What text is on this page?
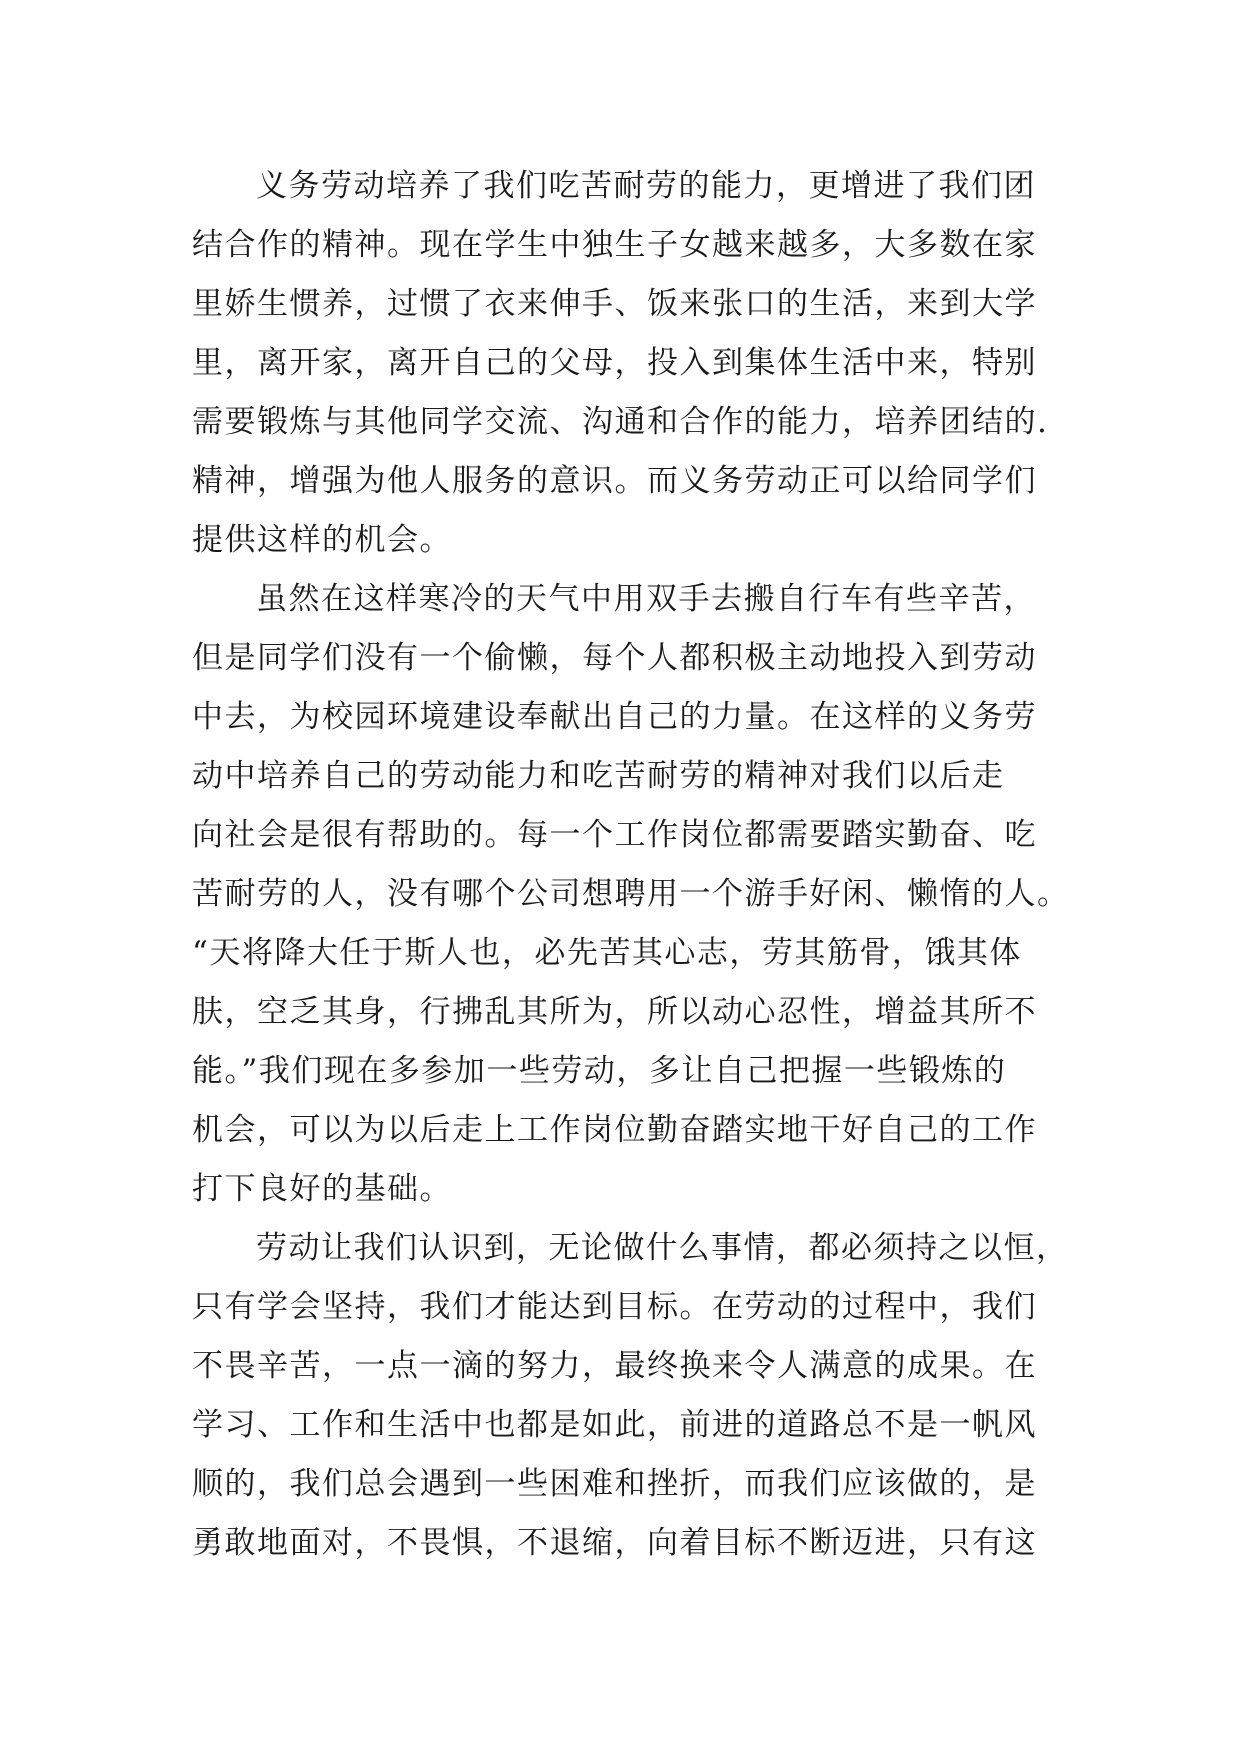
义务劳动培养了我们吃苦耐劳的能力，更增进了我们团
结合作的精神。现在学生中独生子女越来越多，大多数在家
里娇生惯养，过惯了衣来伸手、饭来张口的生活，来到大学
里，离开家，离开自己的父母，投入到集体生活中来，特别
需要锻炼与其他同学交流、沟通和合作的能力，培养团结的.
精神，增强为他人服务的意识。而义务劳动正可以给同学们
提供这样的机会。

虽然在这样寒冷的天气中用双手去搬自行车有些辛苦，
但是同学们没有一个偷懒，每个人都积极主动地投入到劳动
中去，为校园环境建设奉献出自己的力量。在这样的义务劳
动中培养自己的劳动能力和吃苦耐劳的精神对我们以后走
向社会是很有帮助的。每一个工作岗位都需要踏实勤奋、吃
苦耐劳的人，没有哪个公司想聘用一个游手好闲、懒惰的人。
“天将降大任于斯人也，必先苦其心志，劳其筋骨，饿其体
肤，空乏其身，行拂乱其所为，所以动心忍性，增益其所不
能。”我们现在多参加一些劳动，多让自己把握一些锻炼的
机会，可以为以后走上工作岗位勤奋踏实地干好自己的工作
打下良好的基础。

劳动让我们认识到，无论做什么事情，都必须持之以恒，
只有学会坚持，我们才能达到目标。在劳动的过程中，我们
不畏辛苦，一点一滴的努力，最终换来令人满意的成果。在
学习、工作和生活中也都是如此，前进的道路总不是一帆风
顺的，我们总会遇到一些困难和挫折，而我们应该做的，是
勇敢地面对，不畏惧，不退缩，向着目标不断迈进，只有这
